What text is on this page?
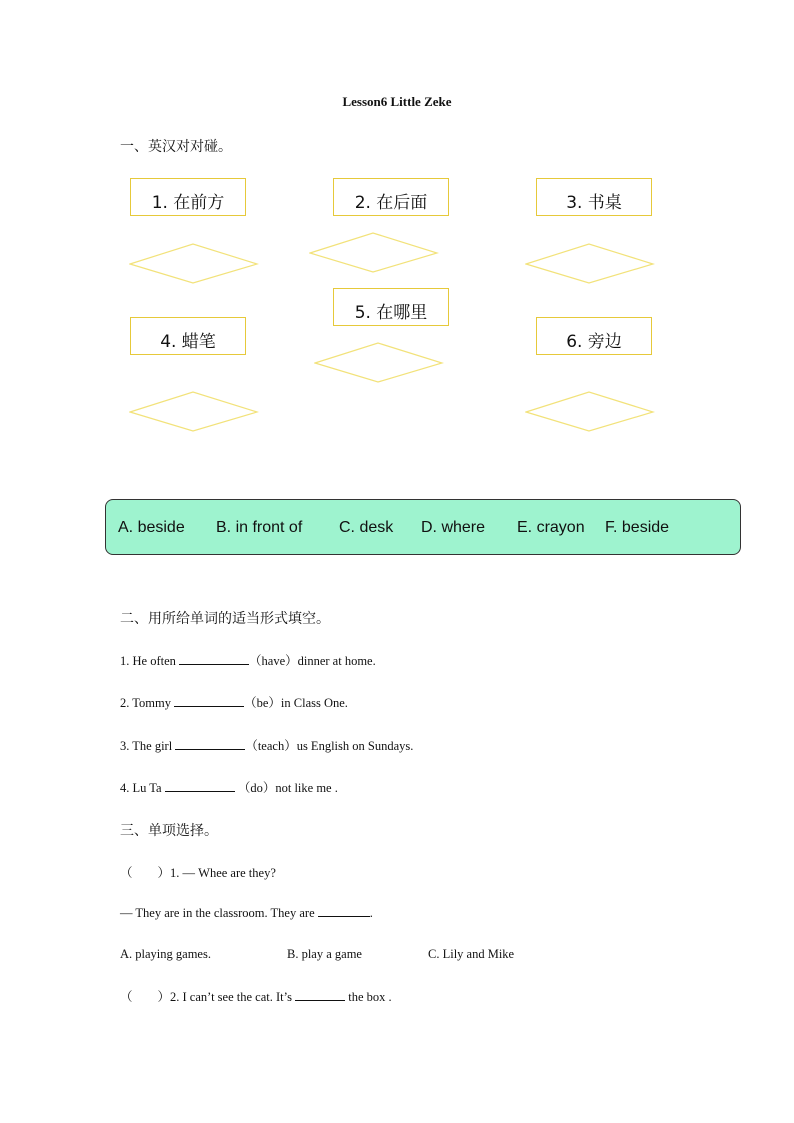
Lesson6 Little Zeke
一、英汉对对碰。
1. 在前方	2. 在后面	3. 书桌
4. 蜡笔
5. 在哪里
6. 旁边
A. beside B. in front of C. desk D. where E. crayon F. beside
二、用所给单词的适当形式填空。
1. He often	（have）dinner at home.
2. Tommy	（be）in Class One.
3. The girl	（teach）us English on Sundays.
4. Lu Ta	（do）not like me .
三、单项选择。
（        ）1. — Whee are they?
— They are in the classroom. They are	.
A. playing games.	B. play a game	C. Lily and Mike
（        ）2. I can’t see the cat. It’s	the box .
